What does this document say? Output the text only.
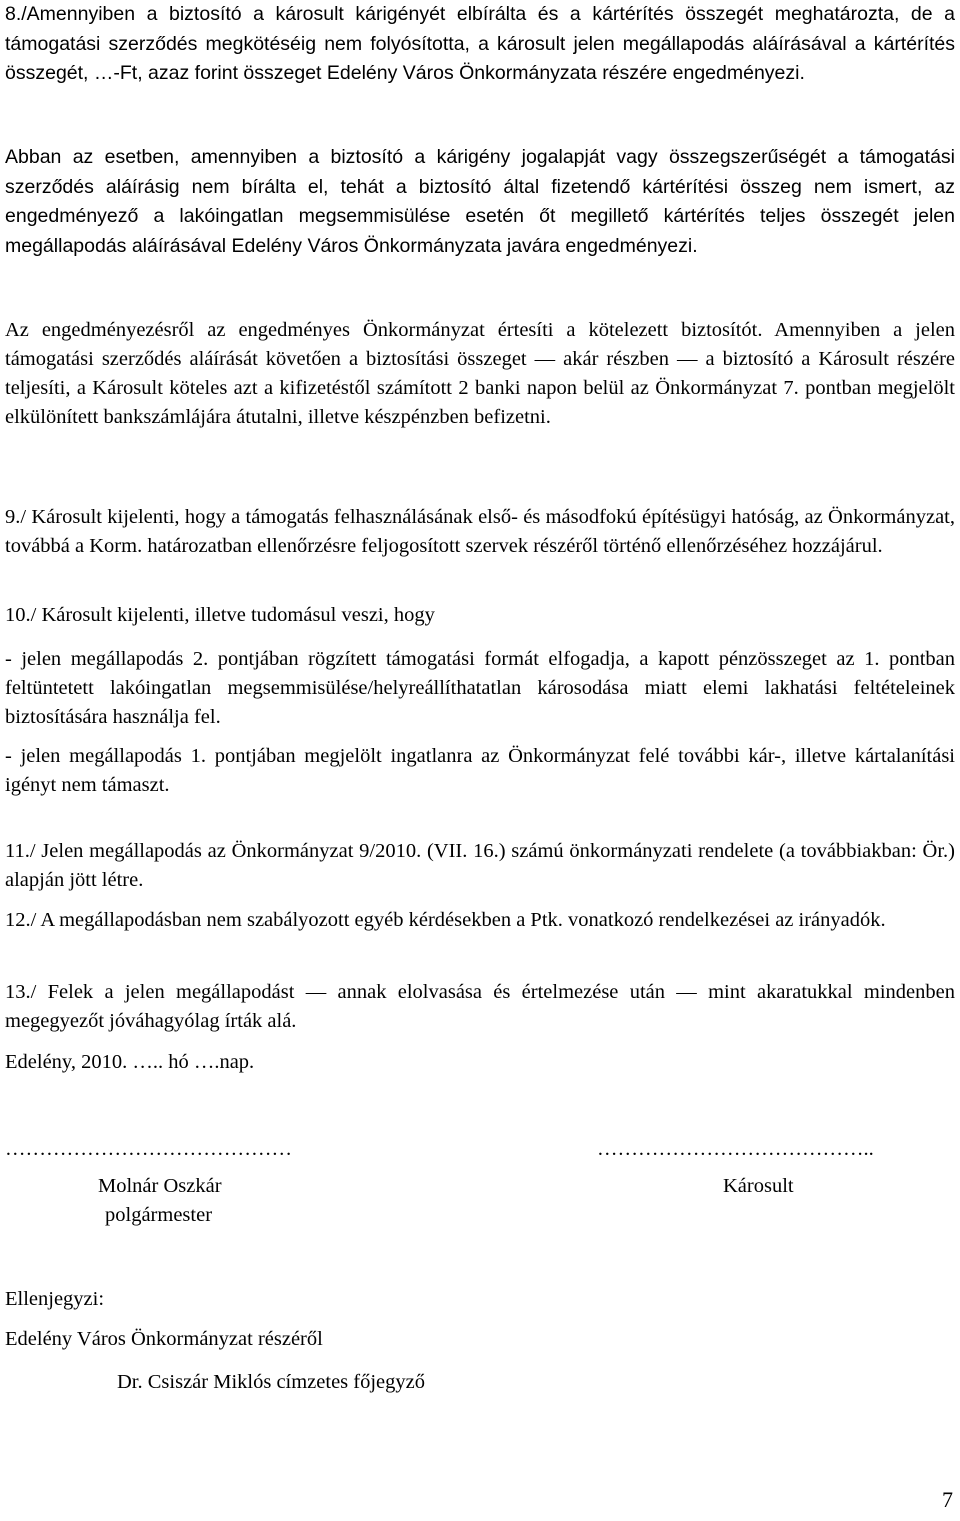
8./Amennyiben a biztosító a károsult kárigényét elbírálta és a kártérítés összegét meghatározta, de a támogatási szerződés megkötéséig nem folyósította, a károsult jelen megállapodás aláírásával a kártérítés összegét, …-Ft, azaz forint összeget Edelény Város Önkormányzata részére engedményezi.

Abban az esetben, amennyiben a biztosító a kárigény jogalapját vagy összegszerűségét a támogatási szerződés aláírásig nem bírálta el, tehát a biztosító által fizetendő kártérítési összeg nem ismert, az engedményező a lakóingatlan megsemmisülése esetén őt megillető kártérítés teljes összegét jelen megállapodás aláírásával Edelény Város Önkormányzata javára engedményezi.

Az engedményezésről az engedményes Önkormányzat értesíti a kötelezett biztosítót. Amennyiben a jelen támogatási szerződés aláírását követően a biztosítási összeget ― akár részben ― a biztosító a Károsult részére teljesíti, a Károsult köteles azt a kifizetéstől számított 2 banki napon belül az Önkormányzat 7. pontban megjelölt elkülönített bankszámlájára átutalni, illetve készpénzben befizetni.

9./ Károsult kijelenti, hogy a támogatás felhasználásának első- és másodfokú építésügyi hatóság, az Önkormányzat, továbbá a Korm. határozatban ellenőrzésre feljogosított szervek részéről történő ellenőrzéséhez hozzájárul.

10./ Károsult kijelenti, illetve tudomásul veszi, hogy

- jelen megállapodás 2. pontjában rögzített támogatási formát elfogadja, a kapott pénzösszeget az 1. pontban feltüntetett lakóingatlan megsemmisülése/helyreállíthatatlan károsodása miatt elemi lakhatási feltételeinek biztosítására használja fel.

- jelen megállapodás 1. pontjában megjelölt ingatlanra az Önkormányzat felé további kár-, illetve kártalanítási igényt nem támaszt.

11./ Jelen megállapodás az Önkormányzat 9/2010. (VII. 16.) számú önkormányzati rendelete (a továbbiakban: Ör.) alapján jött létre.

12./ A megállapodásban nem szabályozott egyéb kérdésekben a Ptk. vonatkozó rendelkezései az irányadók.

13./ Felek a jelen megállapodást ― annak elolvasása és értelmezése után ― mint akaratukkal mindenben megegyezőt jóváhagyólag írták alá.

Edelény, 2010. ….. hó ….nap.

……………………………………	…………………………………..
Molnár Oszkár
polgármester
Károsult
Ellenjegyzi:
Edelény Város Önkormányzat részéről
Dr. Csiszár Miklós címzetes főjegyző
7
